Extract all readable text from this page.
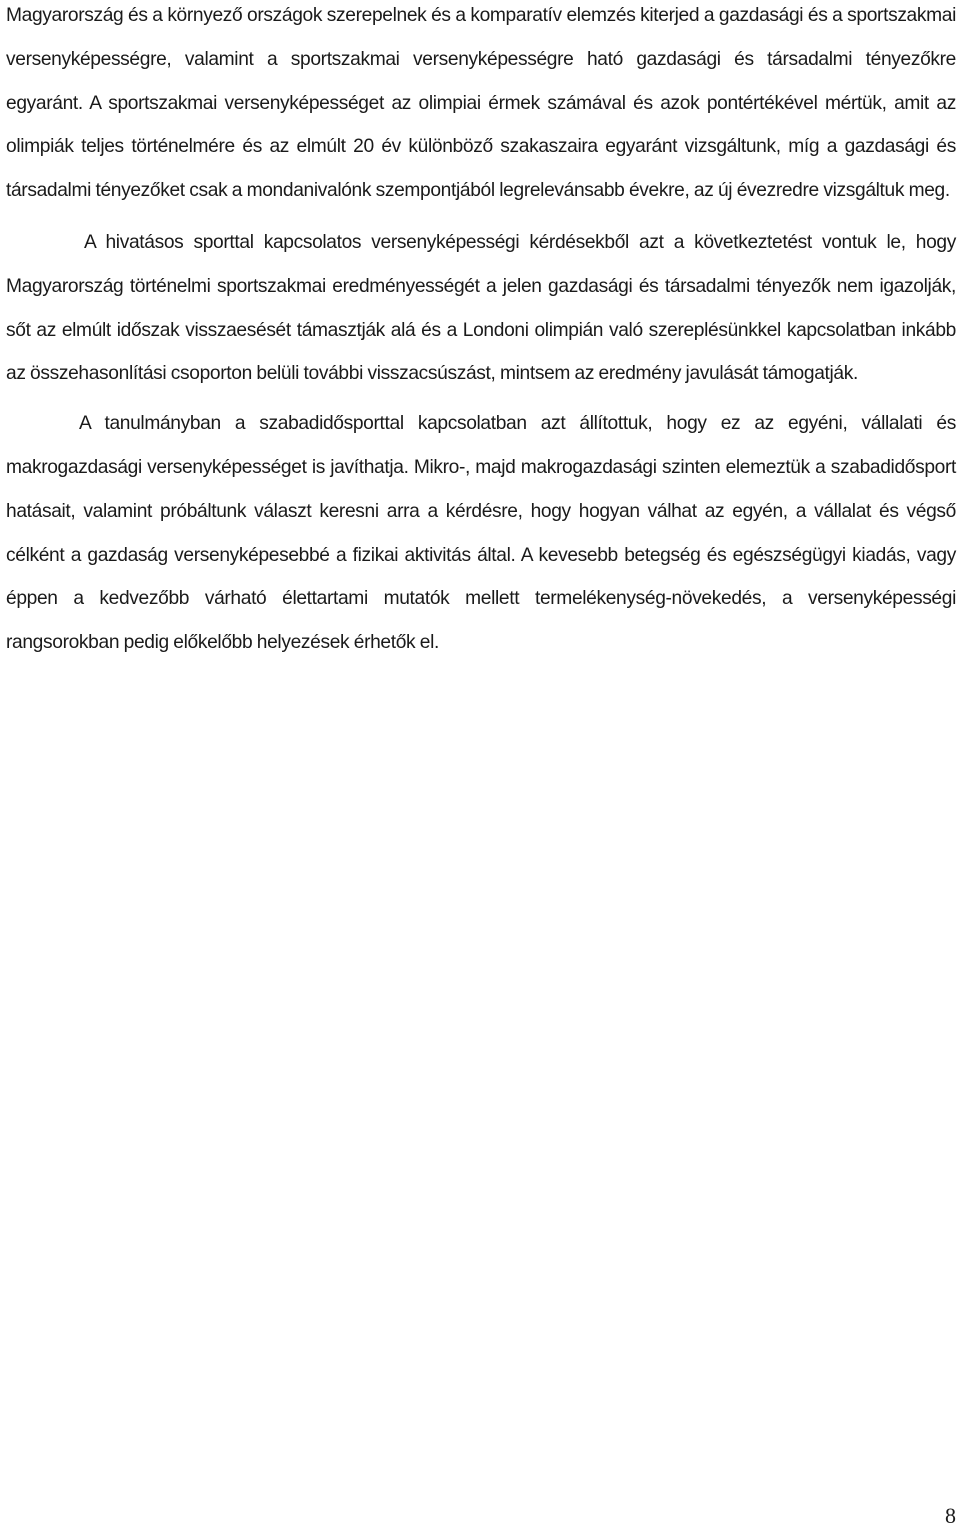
Magyarország és a környező országok szerepelnek és a komparatív elemzés kiterjed a gazdasági és a sportszakmai versenyképességre, valamint a sportszakmai versenyképességre ható gazdasági és társadalmi tényezőkre egyaránt. A sportszakmai versenyképességet az olimpiai érmek számával és azok pontértékével mértük, amit az olimpiák teljes történelmére és az elmúlt 20 év különböző szakaszaira egyaránt vizsgáltunk, míg a gazdasági és társadalmi tényezőket csak a mondanivalónk szempontjából legrelevánsabb évekre, az új évezredre vizsgáltuk meg.

A hivatásos sporttal kapcsolatos versenyképességi kérdésekből azt a következtetést vontuk le, hogy Magyarország történelmi sportszakmai eredményességét a jelen gazdasági és társadalmi tényezők nem igazolják, sőt az elmúlt időszak visszaesését támasztják alá és a Londoni olimpián való szereplésünkkel kapcsolatban inkább az összehasonlítási csoporton belüli további visszacsúszást, mintsem az eredmény javulását támogatják.

A tanulmányban a szabadidősporttal kapcsolatban azt állítottuk, hogy ez az egyéni, vállalati és makrogazdasági versenyképességet is javíthatja. Mikro-, majd makrogazdasági szinten elemeztük a szabadidősport hatásait, valamint próbáltunk választ keresni arra a kérdésre, hogy hogyan válhat az egyén, a vállalat és végső célként a gazdaság versenyképesebbé a fizikai aktivitás által. A kevesebb betegség és egészségügyi kiadás, vagy éppen a kedvezőbb várható élettartami mutatók mellett termelékenység-növekedés, a versenyképességi rangsorokban pedig előkelőbb helyezések érhetők el.

8
